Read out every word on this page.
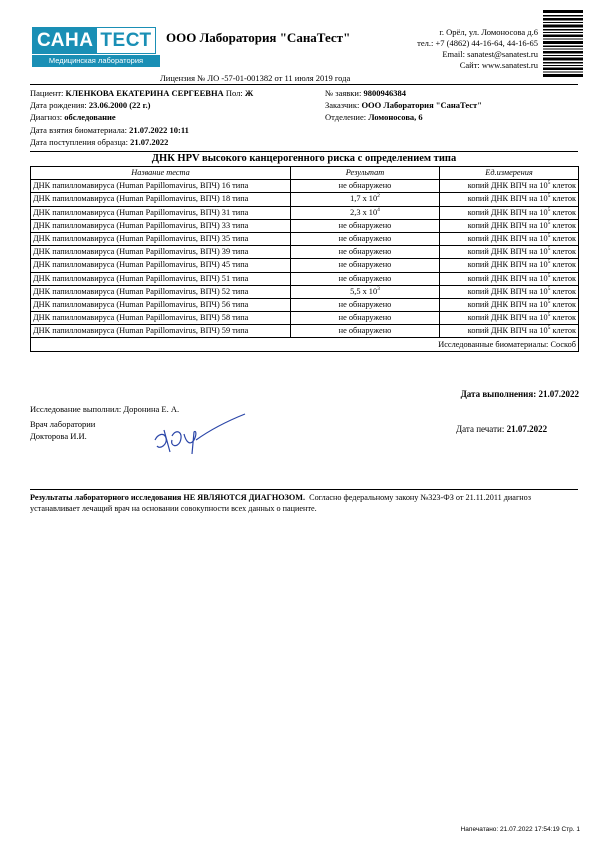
САНА ТЕСТ
Медицинская лаборатория
ООО Лаборатория "СанаТест"	г. Орёл, ул. Ломоносова д.6
тел.: +7 (4862) 44-16-64, 44-16-65
Email: sanatest@sanatest.ru
Сайт: www.sanatest.ru
Лицензия № ЛО -57-01-001382 от 11 июля 2019 года
Пациент: КЛЕНКОВА ЕКАТЕРИНА СЕРГЕЕВНА Пол: Ж
Дата рождения: 23.06.2000 (22 г.)
Диагноз: обследование
Дата взятия биоматериала: 21.07.2022 10:11
Дата поступления образца: 21.07.2022
№ заявки: 9800946384
Заказчик: ООО Лаборатория "СанаТест"
Отделение: Ломоносова, 6
ДНК HPV высокого канцерогенного риска с определением типа
Название теста	Результат	Ед.измерения
ДНК папилломавируса (Human Papillomavirus, ВПЧ) 16 типа	не обнаружено	копий ДНК ВПЧ на $10^5$ клеток
ДНК папилломавируса (Human Papillomavirus, ВПЧ) 18 типа	1,7 x $10^2$	копий ДНК ВПЧ на $10^5$ клеток
ДНК папилломавируса (Human Papillomavirus, ВПЧ) 31 типа	2,3 x $10^4$	копий ДНК ВПЧ на $10^5$ клеток
ДНК папилломавируса (Human Papillomavirus, ВПЧ) 33 типа	не обнаружено	копий ДНК ВПЧ на $10^5$ клеток
ДНК папилломавируса (Human Papillomavirus, ВПЧ) 35 типа	не обнаружено	копий ДНК ВПЧ на $10^5$ клеток
ДНК папилломавируса (Human Papillomavirus, ВПЧ) 39 типа	не обнаружено	копий ДНК ВПЧ на $10^5$ клеток
ДНК папилломавируса (Human Papillomavirus, ВПЧ) 45 типа	не обнаружено	копий ДНК ВПЧ на $10^5$ клеток
ДНК папилломавируса (Human Papillomavirus, ВПЧ) 51 типа	не обнаружено	копий ДНК ВПЧ на $10^5$ клеток
ДНК папилломавируса (Human Papillomavirus, ВПЧ) 52 типа	5,5 x $10^3$	копий ДНК ВПЧ на $10^5$ клеток
ДНК папилломавируса (Human Papillomavirus, ВПЧ) 56 типа	не обнаружено	копий ДНК ВПЧ на $10^5$ клеток
ДНК папилломавируса (Human Papillomavirus, ВПЧ) 58 типа	не обнаружено	копий ДНК ВПЧ на $10^5$ клеток
ДНК папилломавируса (Human Papillomavirus, ВПЧ) 59 типа	не обнаружено	копий ДНК ВПЧ на $10^5$ клеток
Исследованные биоматериалы: Соскоб		
Дата выполнения: 21.07.2022
Исследование выполнил: Доронина Е. А.
Врач лаборатории
Докторова И.И.
Дата печати: 21.07.2022
Результаты лабораторного исследования НЕ ЯВЛЯЮТСЯ ДИАГНОЗОМ. Согласно федеральному закону №323-ФЗ от 21.11.2011 диагноз устанавливает лечащий врач на основании совокупности всех данных о пациенте.
Напечатано: 21.07.2022 17:54:19 Стр. 1
